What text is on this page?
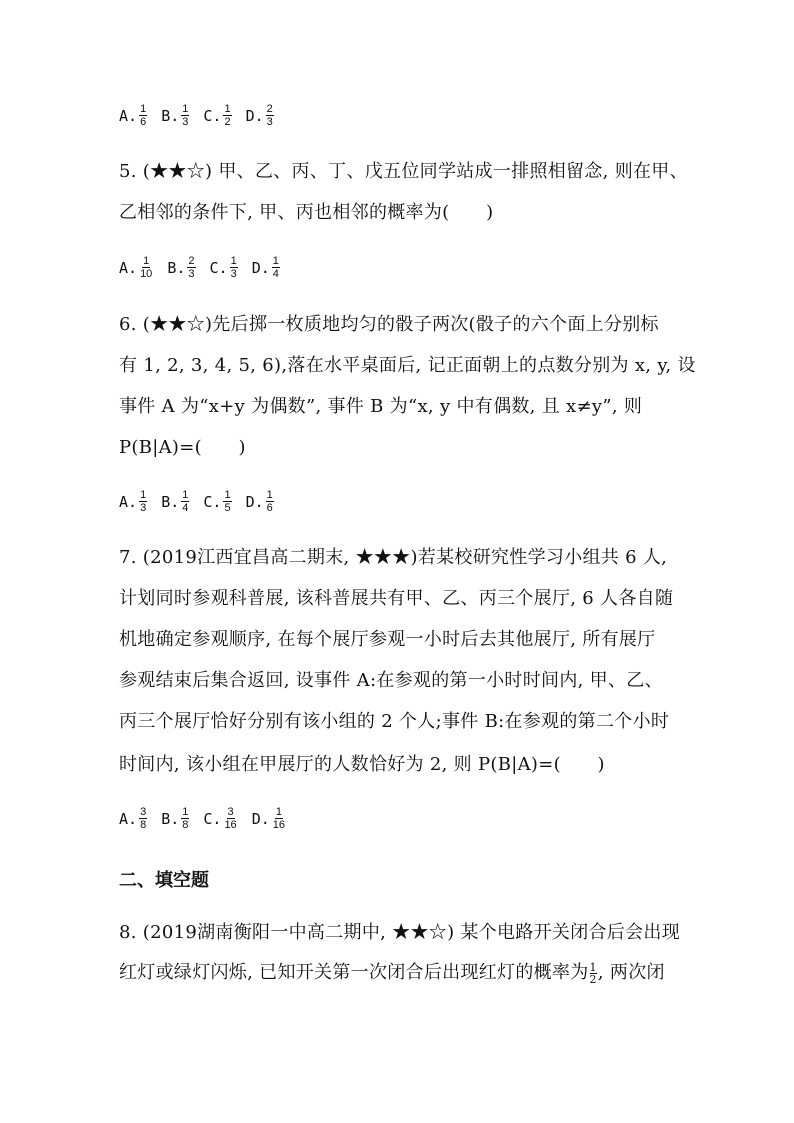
A. $\frac{1}{6} B$. $\frac{1}{3} C$. $\frac{1}{2} D$. $\frac{2}{3}$
5. (★★☆) 甲、乙、丙、丁、戊五位同学站成一排照相留念, 则在甲、
乙相邻的条件下, 甲、丙也相邻的概率为(　　)
A. $\frac{1}{10} B$. $\frac{2}{3} C$. $\frac{1}{3} D$. $\frac{1}{4}$
6. (★★☆)先后掷一枚质地均匀的骰子两次(骰子的六个面上分别标
有 1, 2, 3, 4, 5, 6),落在水平桌面后, 记正面朝上的点数分别为 x, y, 设
事件 A 为“x+y 为偶数”, 事件 B 为“x, y 中有偶数, 且 x≠y”, 则
P(B|A)=(　　)
A. $\frac{1}{3} B$. $\frac{1}{4} C$. $\frac{1}{5} D$. $\frac{1}{6}$
7. (2019江西宜昌高二期末, ★★★)若某校研究性学习小组共 6 人,
计划同时参观科普展, 该科普展共有甲、乙、丙三个展厅, 6 人各自随
机地确定参观顺序, 在每个展厅参观一小时后去其他展厅, 所有展厅
参观结束后集合返回, 设事件 A:在参观的第一小时时间内, 甲、乙、
丙三个展厅恰好分别有该小组的 2 个人;事件 B:在参观的第二个小时
时间内, 该小组在甲展厅的人数恰好为 2, 则 P(B|A)=(　　)
A. $\frac{3}{8} B$. $\frac{1}{8} C$. $\frac{3}{16} D$. $\frac{1}{16}$
二、填空题
8. (2019湖南衡阳一中高二期中, ★★☆) 某个电路开关闭合后会出现
红灯或绿灯闪烁, 已知开关第一次闭合后出现红灯的概率为 $\frac{1}{2}$ , 两次闭
